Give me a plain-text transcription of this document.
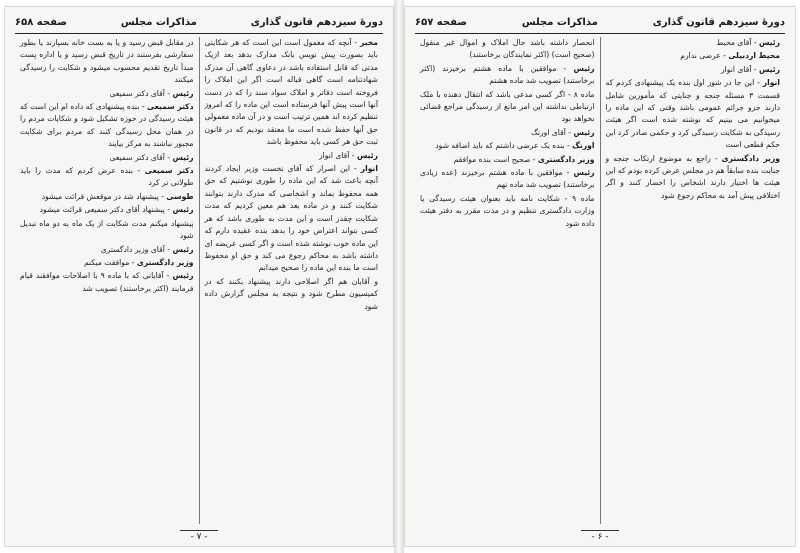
دورهٔ سیزدهم قانون گذاری
مذاکرات مجلس
صفحه ۶۵۸

مخبر - آنچه که معمول است این است که هر شکایتی باید بصورت پیش نویس بانک مدارک بدهد بعد ازیک مدتی که قابل استفاده باشد در دعاوی گاهی آن مدرک شهادتنامه است گاهی قباله است اگر این املاک را فروخته است دفاتر و املاک سواد سند را که در دست آنها است پیش آنها فرستاده است این ماده را که امروز تنظیم کرده اند همین ترتیب است و در آن ماده معمولی حق آنها حفظ شده است ما معتقد بودیم که در قانون ثبت حق هر کسی باید محفوظ باشد

رئیس - آقای انوار

انوار - این اصرار که آقای نخست وزیر ایجاد کردند آنچه باعث شد که این ماده را طوری نوشتیم که حق همه محفوظ بماند و اشخاصی که مدرک دارند بتوانند شکایت کنند و در ماده بعد هم معین کردیم که مدت شکایت چقدر است و این مدت به طوری باشد که هر کسی بتواند اعتراض خود را بدهد بنده عقیده دارم که این ماده خوب نوشته شده است و اگر کسی عریضه ای داشته باشد به محاکم رجوع می کند و حق او محفوظ است ما بنده این ماده را صحیح میدانم

و آقایان هم اگر اصلاحی دارند پیشنهاد بکنند که در کمیسیون مطرح شود و نتیجه به مجلس گزارش داده شود

در مقابل قبض رسید و یا به بست خانه بسپارند یا بطور سفارشی بفرستند در تاریخ قبض رسید و یا اداره پست مبدأ تاریخ تقدیم محسوب میشود و شکایت را رسیدگی میکنند

رئیس - آقای دکتر سمیعی

دکتر سمیعی - بنده پیشنهادی که داده ام این است که هیئت رسیدگی در حوزه تشکیل شود و شکایات مردم را در همان محل رسیدگی کنند که مردم برای شکایت مجبور نباشند به مرکز بیایند

رئیس - آقای دکتر سمیعی

دکتر سمیعی - بنده عرض کردم که مدت را باید طولانی تر کرد

طوسی - پیشنهاد شد در موقعش قرائت میشود

رئیس - پیشنهاد آقای دکتر سمیعی قرائت میشود

پیشنهاد میکنم مدت شکایت از یک ماه به دو ماه تبدیل شود

رئیس - آقای وزیر دادگستری

وزیر دادگستری - موافقت میکنم

رئیس - آقایانی که با ماده ۹ با اصلاحات موافقند قیام فرمایند (اکثر برخاستند) تصویب شد

- ۷ -
دورهٔ سیزدهم قانون گذاری
مذاکرات مجلس
صفحه ۶۵۷

رئیس - آقای محیط

محیط اردبیلی - عرضی ندارم

رئیس - آقای انوار

انوار - این جا در شور اول بنده یک پیشنهادی کردم که قسمت ۳ مسئله جنجه و جنایتی که مأمورین شامل دارند جزو جرائم عمومی باشد وقتی که این ماده را میخوانیم می بینیم که نوشته شده است اگر هیئت رسیدگی به شکایت رسیدگی کرد و حکمی صادر کرد این حکم قطعی است

وزیر دادگستری - راجع به موضوع ارتکاب جنجه و جنایت بنده سابقاً هم در مجلس عرض کرده بودم که این هیئت ها اختیار دارند اشخاص را احضار کنند و اگر اختلافی پیش آمد به محاکم رجوع شود

انحصار داشته باشد حال املاک و اموال غیر منقول (صحیح است) (اکثر نمایندگان برخاستند)

رئیس - موافقین با ماده هشتم برخیزند (اکثر برخاستند) تصویب شد ماده هشتم

ماده ۸ - اگر کسی مدعی باشد که انتقال دهنده با ملک ارتباطی نداشته این امر مانع از رسیدگی مراجع قضائی نخواهد بود

رئیس - آقای اورنگ

اورنگ - بنده یک عرضی داشتم که باید اضافه شود

وزیر دادگستری - صحیح است بنده موافقم

رئیس - موافقین با ماده هشتم برخیزند (عده زیادی برخاستند) تصویب شد ماده نهم

ماده ۹ - شکایت نامه باید بعنوان هیئت رسیدگی یا وزارت دادگستری تنظیم و در مدت مقرر به دفتر هیئت داده شود

- ۶ -
